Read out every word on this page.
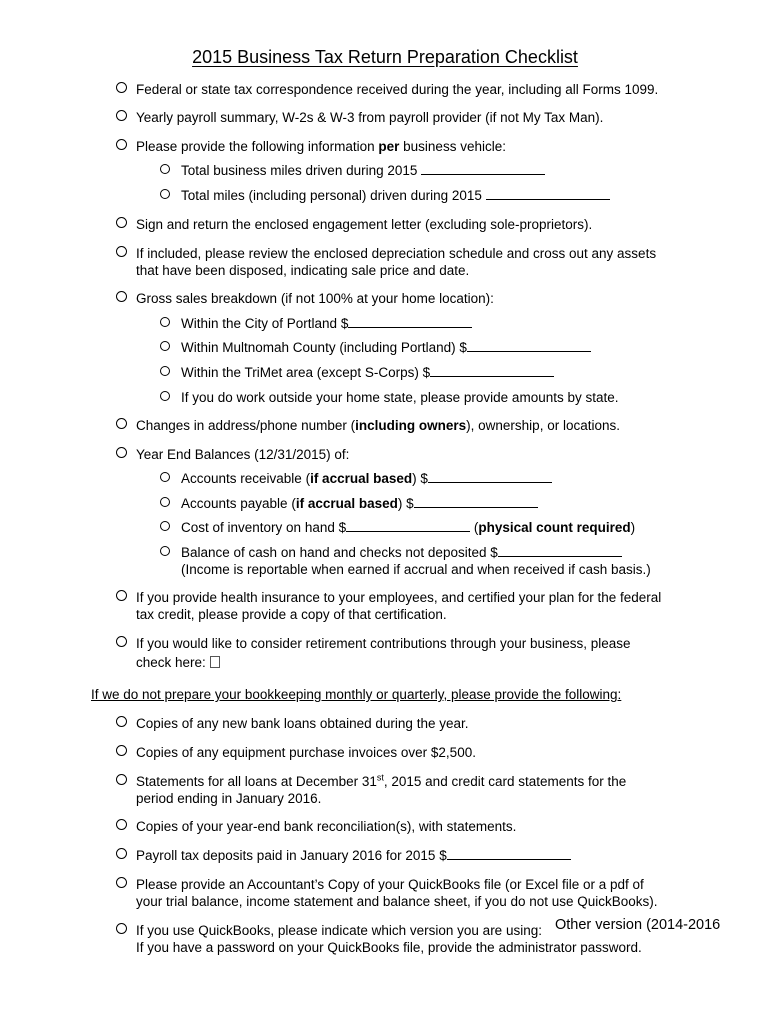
2015 Business Tax Return Preparation Checklist
Federal or state tax correspondence received during the year, including all Forms 1099.
Yearly payroll summary, W-2s & W-3 from payroll provider (if not My Tax Man).
Please provide the following information per business vehicle:
Total business miles driven during 2015
Total miles (including personal) driven during 2015
Sign and return the enclosed engagement letter (excluding sole-proprietors).
If included, please review the enclosed depreciation schedule and cross out any assets
that have been disposed, indicating sale price and date.
Gross sales breakdown (if not 100% at your home location):
Within the City of Portland $
Within Multnomah County (including Portland) $
Within the TriMet area (except S-Corps) $
If you do work outside your home state, please provide amounts by state.
Changes in address/phone number (including owners), ownership, or locations.
Year End Balances (12/31/2015) of:
Accounts receivable (if accrual based) $
Accounts payable (if accrual based) $
Cost of inventory on hand $	(physical count required)
Balance of cash on hand and checks not deposited $
(Income is reportable when earned if accrual and when received if cash basis.)
If you provide health insurance to your employees, and certified your plan for the federal
tax credit, please provide a copy of that certification.
If you would like to consider retirement contributions through your business, please
check here:
If we do not prepare your bookkeeping monthly or quarterly, please provide the following:
Copies of any new bank loans obtained during the year.
Copies of any equipment purchase invoices over $2,500.
Statements for all loans at December 31st, 2015 and credit card statements for the
period ending in January 2016.
Copies of your year-end bank reconciliation(s), with statements.
Payroll tax deposits paid in January 2016 for 2015 $
Please provide an Accountant’s Copy of your QuickBooks file (or Excel file or a pdf of
your trial balance, income statement and balance sheet, if you do not use QuickBooks).
If you use QuickBooks, please indicate which version you are using: Other version (2014-2016
If you have a password on your QuickBooks file, provide the administrator password.
